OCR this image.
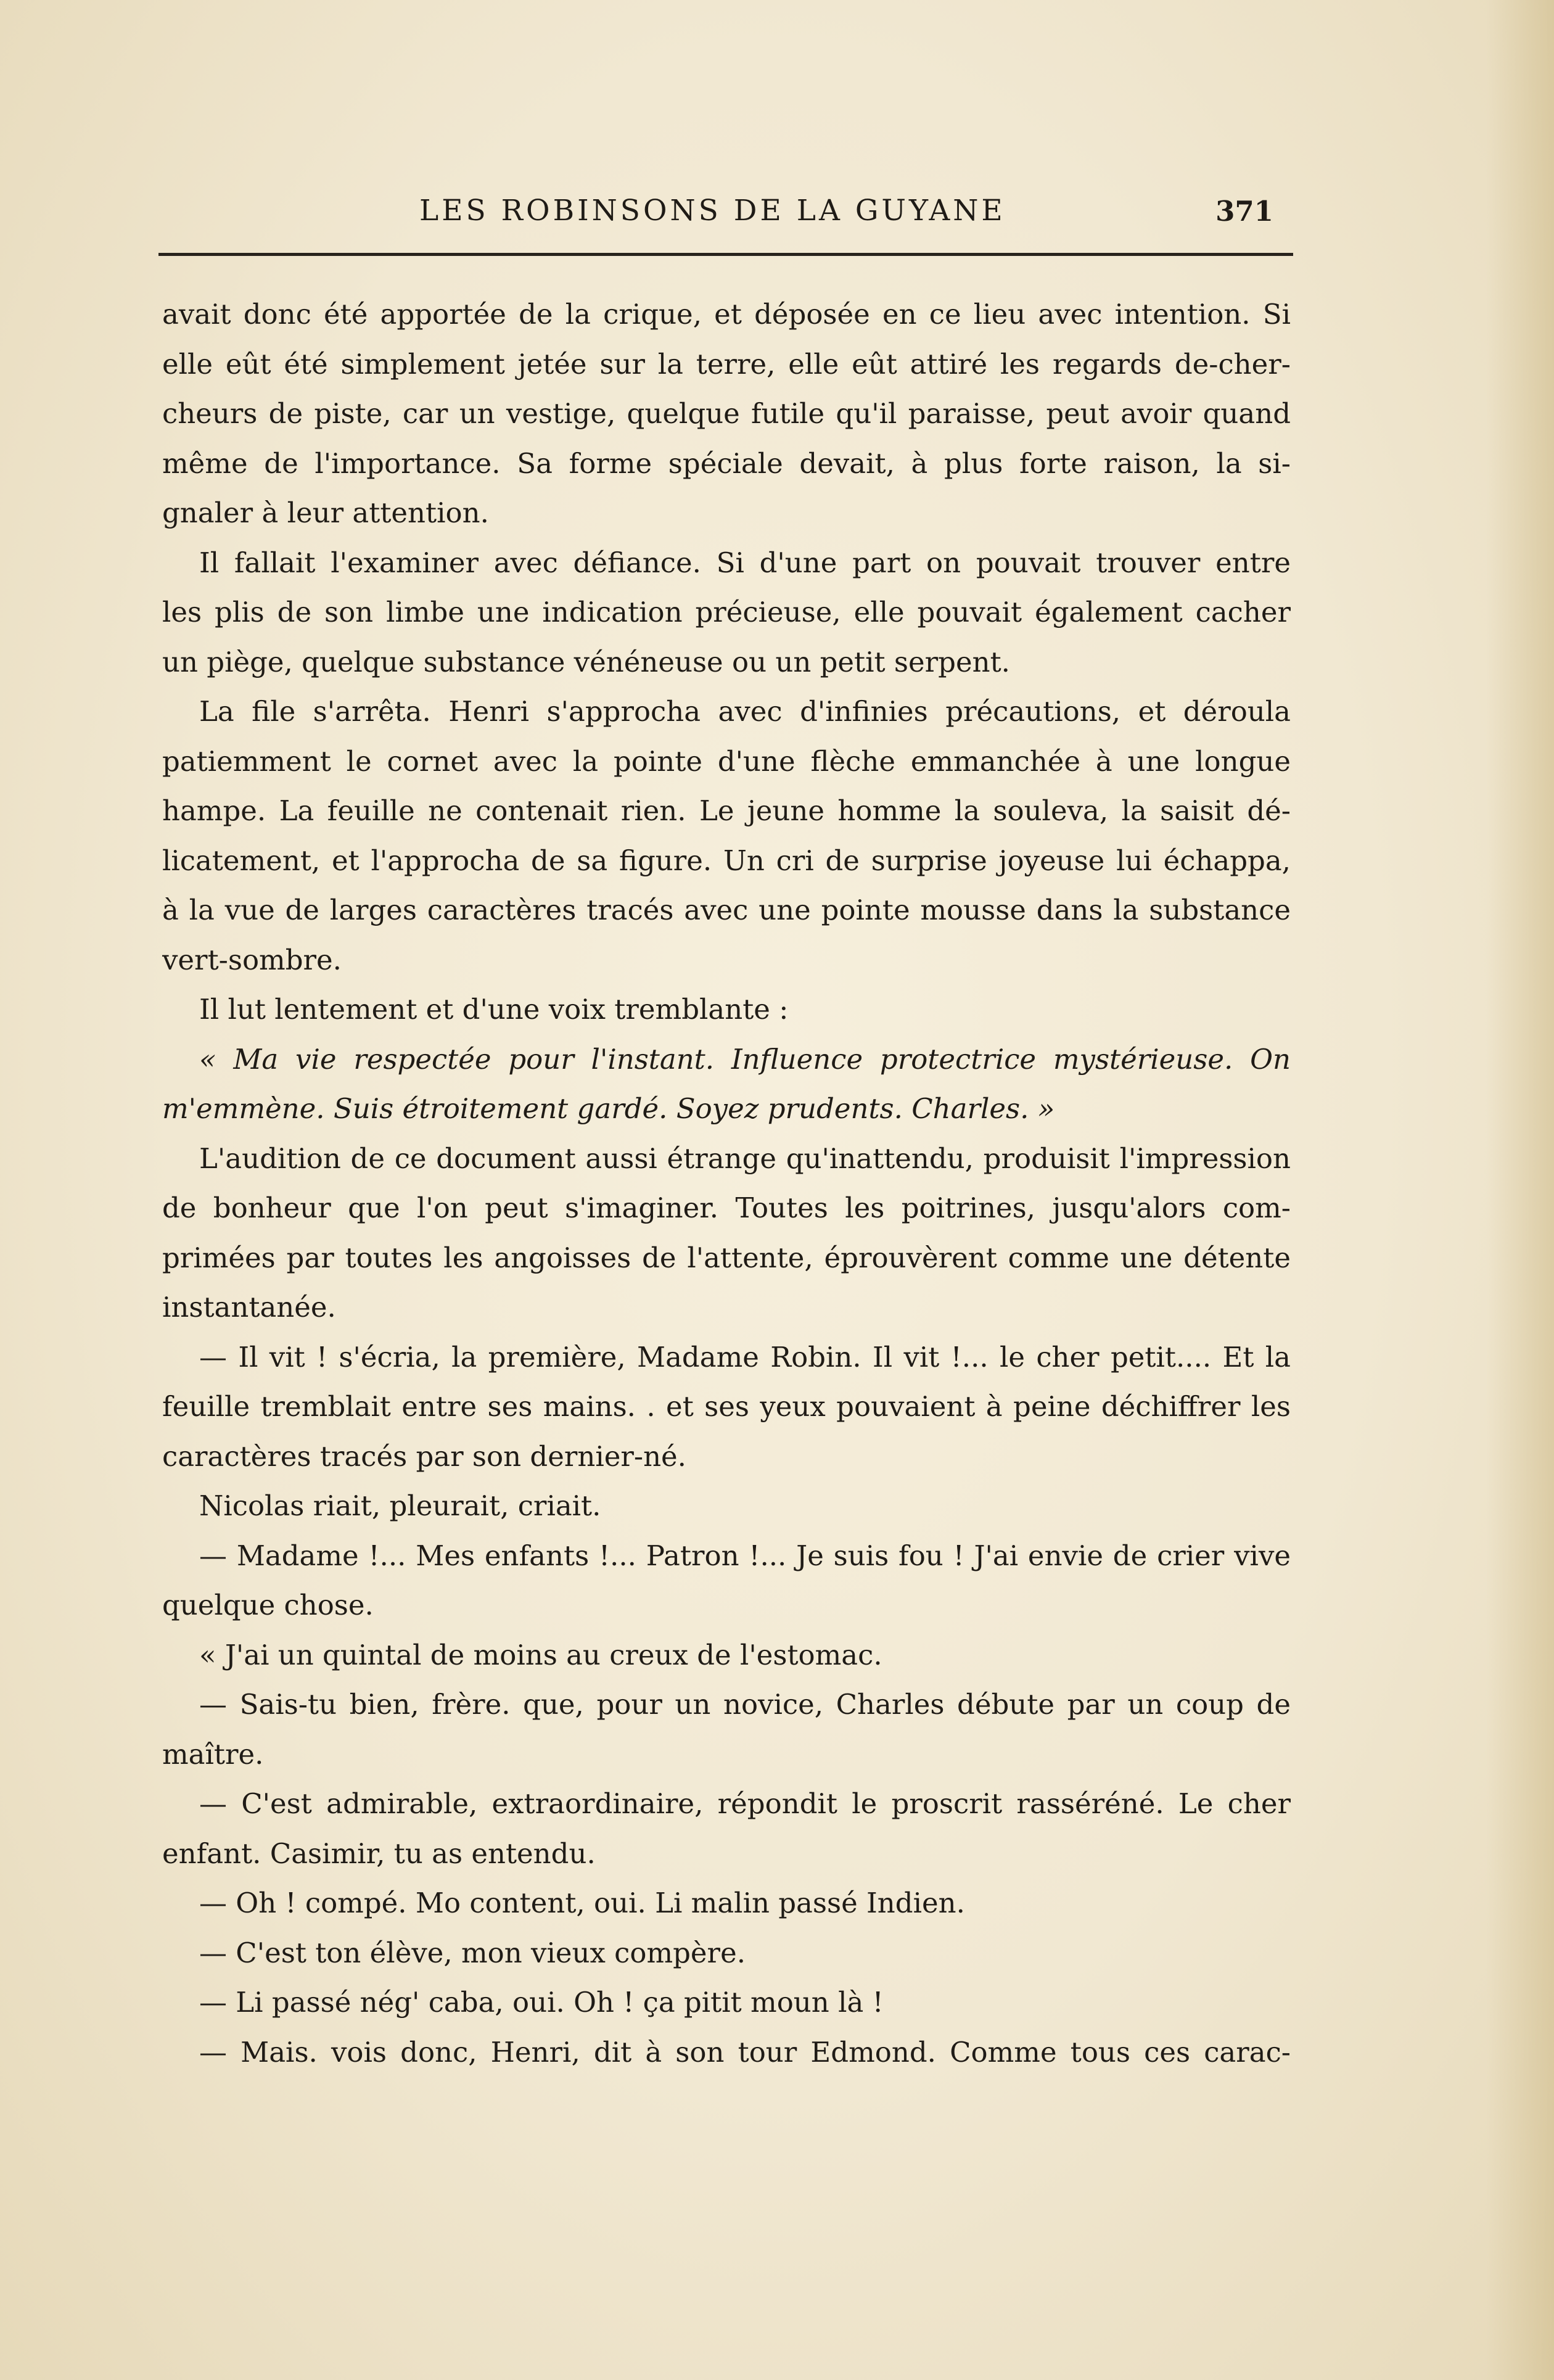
LES ROBINSONS DE LA GUYANE	371
avait donc été apportée de la crique, et déposée en ce lieu avec intention. Si
elle eût été simplement jetée sur la terre, elle eût attiré les regards de-cher-
cheurs de piste, car un vestige, quelque futile qu'il paraisse, peut avoir quand
même de l'importance. Sa forme spéciale devait, à plus forte raison, la si-
gnaler à leur attention.
Il fallait l'examiner avec défiance. Si d'une part on pouvait trouver entre
les plis de son limbe une indication précieuse, elle pouvait également cacher
un piège, quelque substance vénéneuse ou un petit serpent.
La file s'arrêta. Henri s'approcha avec d'infinies précautions, et déroula
patiemment le cornet avec la pointe d'une flèche emmanchée à une longue
hampe. La feuille ne contenait rien. Le jeune homme la souleva, la saisit dé-
licatement, et l'approcha de sa figure. Un cri de surprise joyeuse lui échappa,
à la vue de larges caractères tracés avec une pointe mousse dans la substance
vert-sombre.
Il lut lentement et d'une voix tremblante :
« Ma vie respectée pour l'instant. Influence protectrice mystérieuse. On
m'emmène. Suis étroitement gardé. Soyez prudents. Charles. »
L'audition de ce document aussi étrange qu'inattendu, produisit l'impression
de bonheur que l'on peut s'imaginer. Toutes les poitrines, jusqu'alors com-
primées par toutes les angoisses de l'attente, éprouvèrent comme une détente
instantanée.
— Il vit ! s'écria, la première, Madame Robin. Il vit !... le cher petit.... Et la
feuille tremblait entre ses mains. . et ses yeux pouvaient à peine déchiffrer les
caractères tracés par son dernier-né.
Nicolas riait, pleurait, criait.
— Madame !... Mes enfants !... Patron !... Je suis fou ! J'ai envie de crier vive
quelque chose.
« J'ai un quintal de moins au creux de l'estomac.
— Sais-tu bien, frère. que, pour un novice, Charles débute par un coup de
maître.
— C'est admirable, extraordinaire, répondit le proscrit rasséréné. Le cher
enfant. Casimir, tu as entendu.
— Oh ! compé. Mo content, oui. Li malin passé Indien.
— C'est ton élève, mon vieux compère.
— Li passé nég' caba, oui. Oh ! ça pitit moun là !
— Mais. vois donc, Henri, dit à son tour Edmond. Comme tous ces carac-
